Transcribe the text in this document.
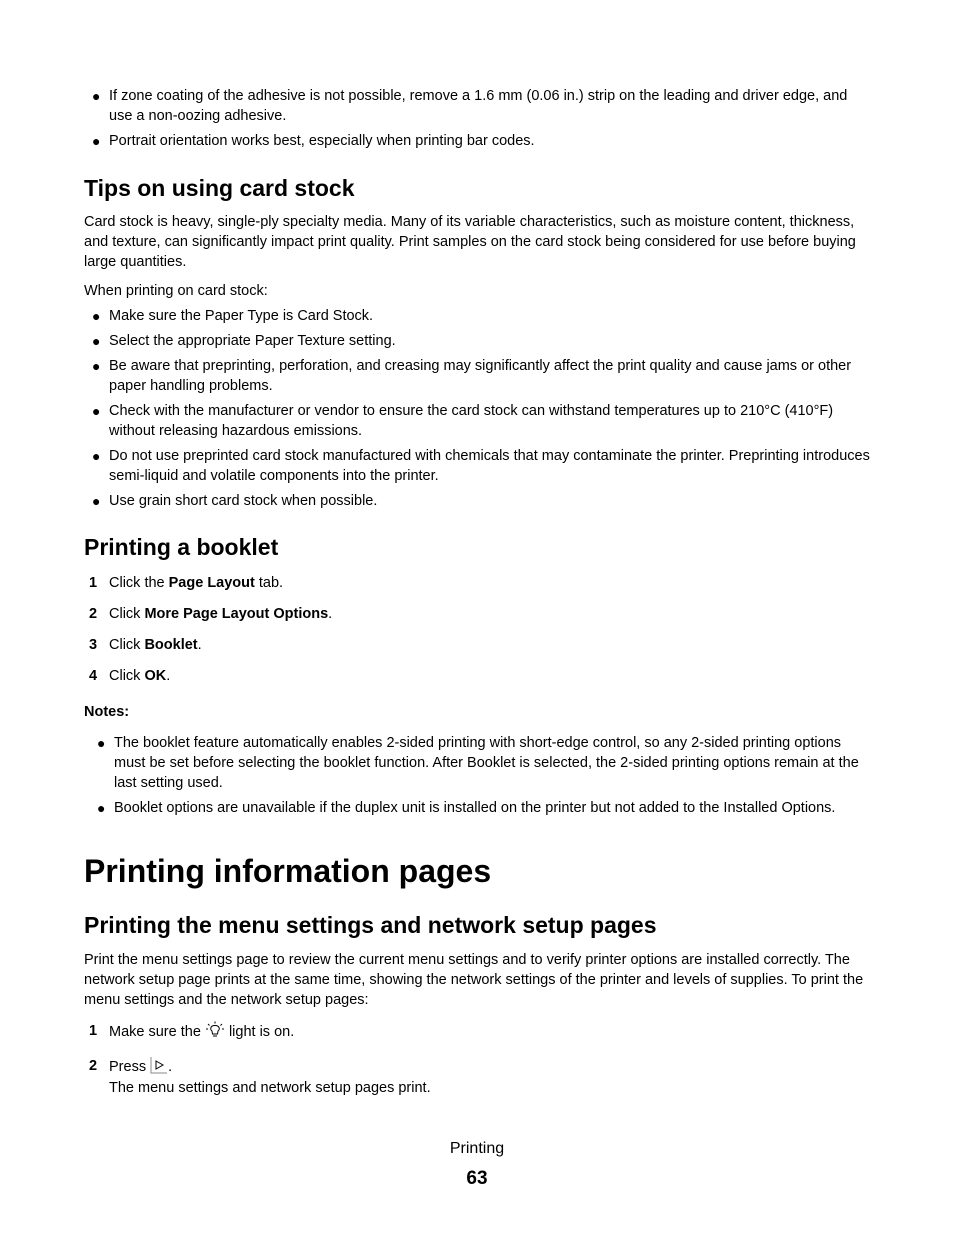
● If zone coating of the adhesive is not possible, remove a 1.6 mm (0.06 in.) strip on the leading and driver edge, and use a non-oozing adhesive.
● Portrait orientation works best, especially when printing bar codes.
Tips on using card stock

Card stock is heavy, single-ply specialty media. Many of its variable characteristics, such as moisture content, thickness, and texture, can significantly impact print quality. Print samples on the card stock being considered for use before buying large quantities.

When printing on card stock:

● Make sure the Paper Type is Card Stock.
● Select the appropriate Paper Texture setting.
● Be aware that preprinting, perforation, and creasing may significantly affect the print quality and cause jams or other paper handling problems.
● Check with the manufacturer or vendor to ensure the card stock can withstand temperatures up to 210°C (410°F) without releasing hazardous emissions.
● Do not use preprinted card stock manufactured with chemicals that may contaminate the printer. Preprinting introduces semi-liquid and volatile components into the printer.
● Use grain short card stock when possible.
Printing a booklet
1 Click the Page Layout tab.
2 Click More Page Layout Options.
3 Click Booklet.
4 Click OK.

Notes:

● The booklet feature automatically enables 2-sided printing with short-edge control, so any 2-sided printing options must be set before selecting the booklet function. After Booklet is selected, the 2-sided printing options remain at the last setting used.
● Booklet options are unavailable if the duplex unit is installed on the printer but not added to the Installed Options.
Printing information pages
Printing the menu settings and network setup pages

Print the menu settings page to review the current menu settings and to verify printer options are installed correctly. The network setup page prints at the same time, showing the network settings of the printer and levels of supplies. To print the menu settings and the network setup pages:

1 Make sure the  light is on.
2 Press .

The menu settings and network setup pages print.

Printing
63
